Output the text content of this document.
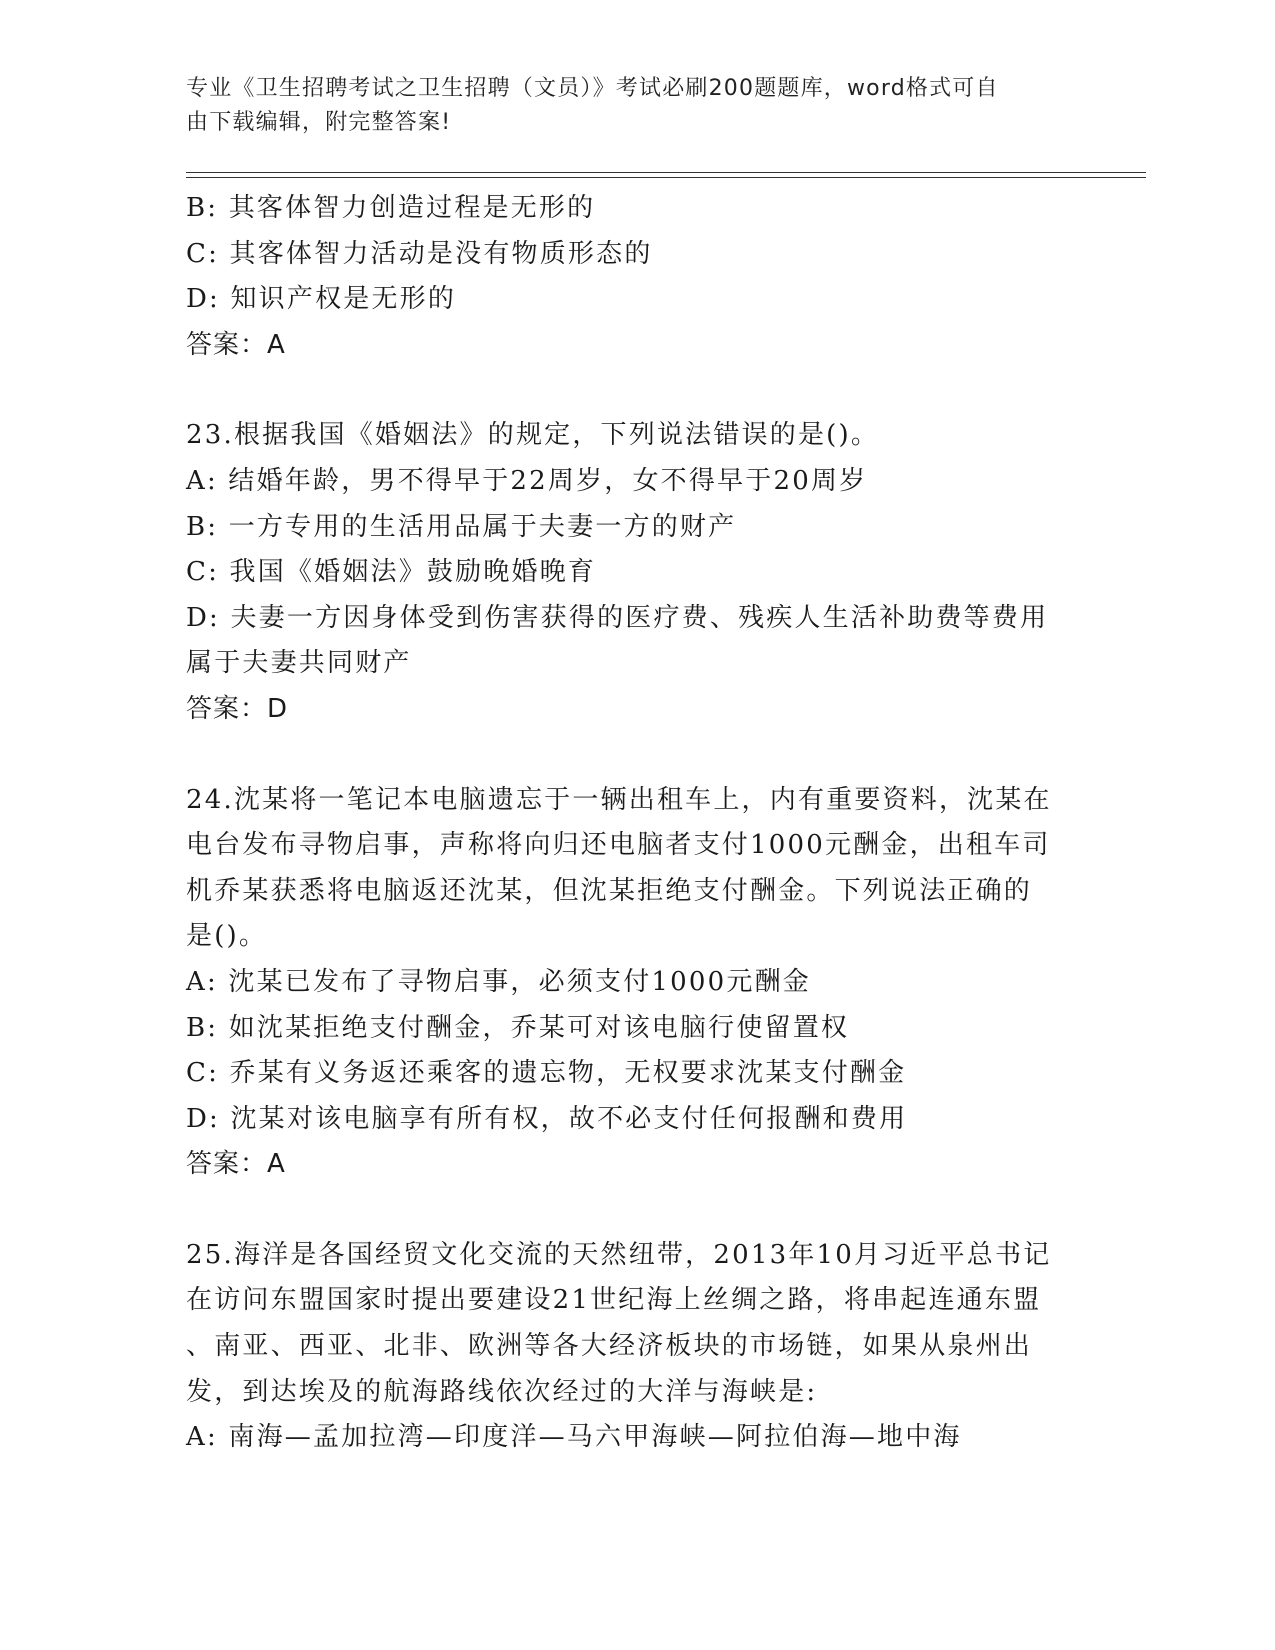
专业《卫生招聘考试之卫生招聘（文员）》考试必刷200题题库，word格式可自
由下载编辑，附完整答案!

B: 其客体智力创造过程是无形的

C: 其客体智力活动是没有物质形态的

D: 知识产权是无形的

答案：A

23.根据我国《婚姻法》的规定，下列说法错误的是()。

A: 结婚年龄，男不得早于22周岁，女不得早于20周岁

B: 一方专用的生活用品属于夫妻一方的财产

C: 我国《婚姻法》鼓励晚婚晚育

D: 夫妻一方因身体受到伤害获得的医疗费、残疾人生活补助费等费用

属于夫妻共同财产

答案：D

24.沈某将一笔记本电脑遗忘于一辆出租车上，内有重要资料，沈某在

电台发布寻物启事，声称将向归还电脑者支付1000元酬金，出租车司

机乔某获悉将电脑返还沈某，但沈某拒绝支付酬金。下列说法正确的

是()。

A: 沈某已发布了寻物启事，必须支付1000元酬金

B: 如沈某拒绝支付酬金，乔某可对该电脑行使留置权

C: 乔某有义务返还乘客的遗忘物，无权要求沈某支付酬金

D: 沈某对该电脑享有所有权，故不必支付任何报酬和费用

答案：A

25.海洋是各国经贸文化交流的天然纽带，2013年10月习近平总书记

在访问东盟国家时提出要建设21世纪海上丝绸之路，将串起连通东盟

、南亚、西亚、北非、欧洲等各大经济板块的市场链，如果从泉州出

发，到达埃及的航海路线依次经过的大洋与海峡是:

A: 南海—孟加拉湾—印度洋—马六甲海峡—阿拉伯海—地中海
